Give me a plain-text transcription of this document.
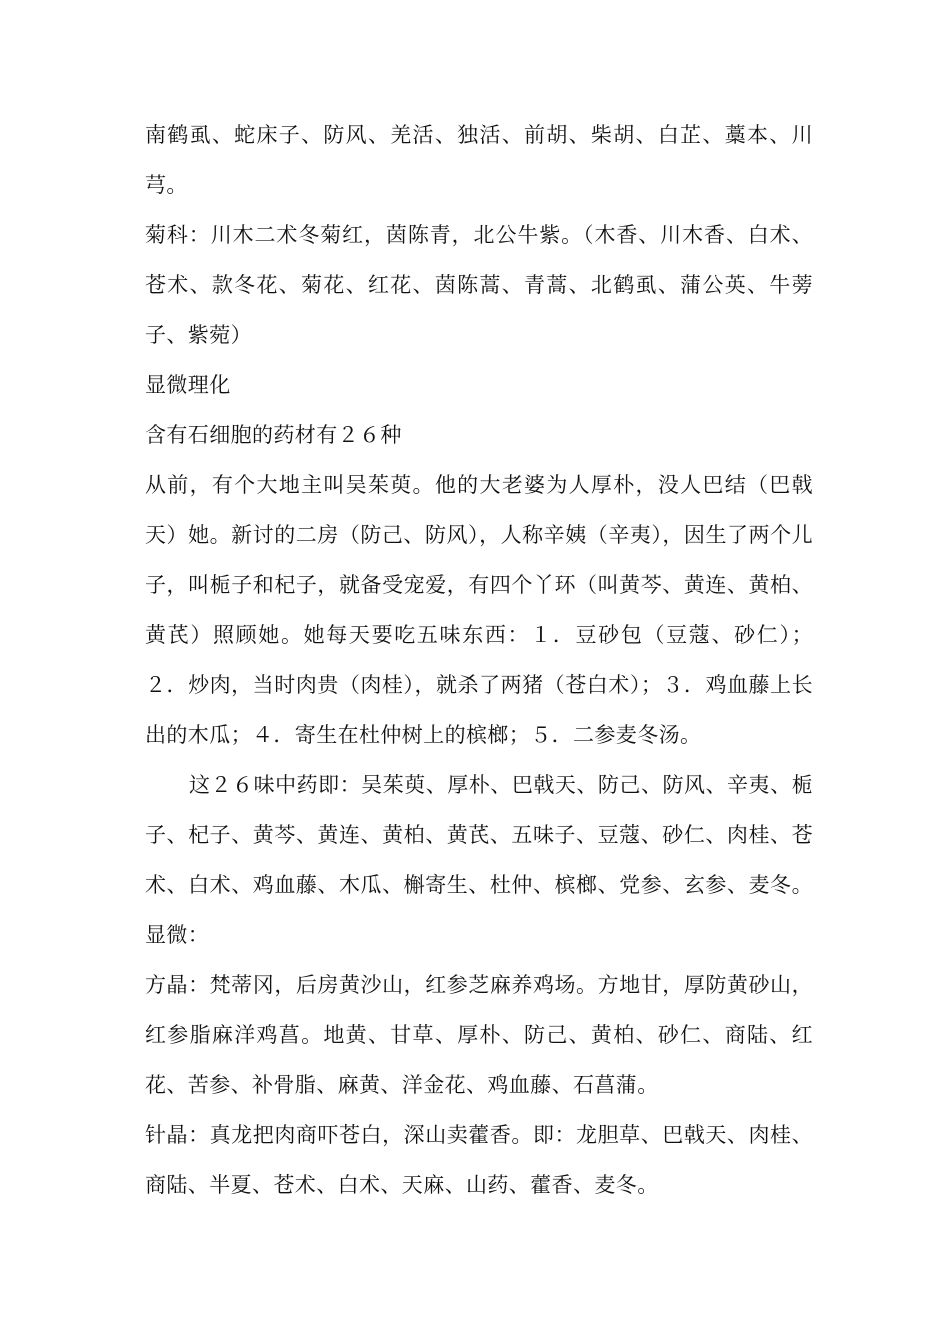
南鹤虱、蛇床子、防风、羌活、独活、前胡、柴胡、白芷、藁本、川芎。

菊科：川木二术冬菊红，茵陈青，北公牛紫。（木香、川木香、白术、苍术、款冬花、菊花、红花、茵陈蒿、青蒿、北鹤虱、蒲公英、牛蒡子、紫菀）

显微理化

含有石细胞的药材有２６种

从前，有个大地主叫吴茱萸。他的大老婆为人厚朴，没人巴结（巴戟天）她。新讨的二房（防己、防风），人称辛姨（辛夷），因生了两个儿子，叫栀子和杞子，就备受宠爱，有四个丫环（叫黄芩、黄连、黄柏、黄芪）照顾她。她每天要吃五味东西：１．豆砂包（豆蔻、砂仁）；２．炒肉，当时肉贵（肉桂），就杀了两猪（苍白术）；３．鸡血藤上长出的木瓜；４．寄生在杜仲树上的槟榔；５．二参麦冬汤。

这２６味中药即：吴茱萸、厚朴、巴戟天、防己、防风、辛夷、栀子、杞子、黄芩、黄连、黄柏、黄芪、五味子、豆蔻、砂仁、肉桂、苍术、白术、鸡血藤、木瓜、槲寄生、杜仲、槟榔、党参、玄参、麦冬。显微：

方晶：梵蒂冈，后房黄沙山，红参芝麻养鸡场。方地甘，厚防黄砂山，红参脂麻洋鸡菖。地黄、甘草、厚朴、防己、黄柏、砂仁、商陆、红花、苦参、补骨脂、麻黄、洋金花、鸡血藤、石菖蒲。

针晶：真龙把肉商吓苍白，深山卖藿香。即：龙胆草、巴戟天、肉桂、商陆、半夏、苍术、白术、天麻、山药、藿香、麦冬。
